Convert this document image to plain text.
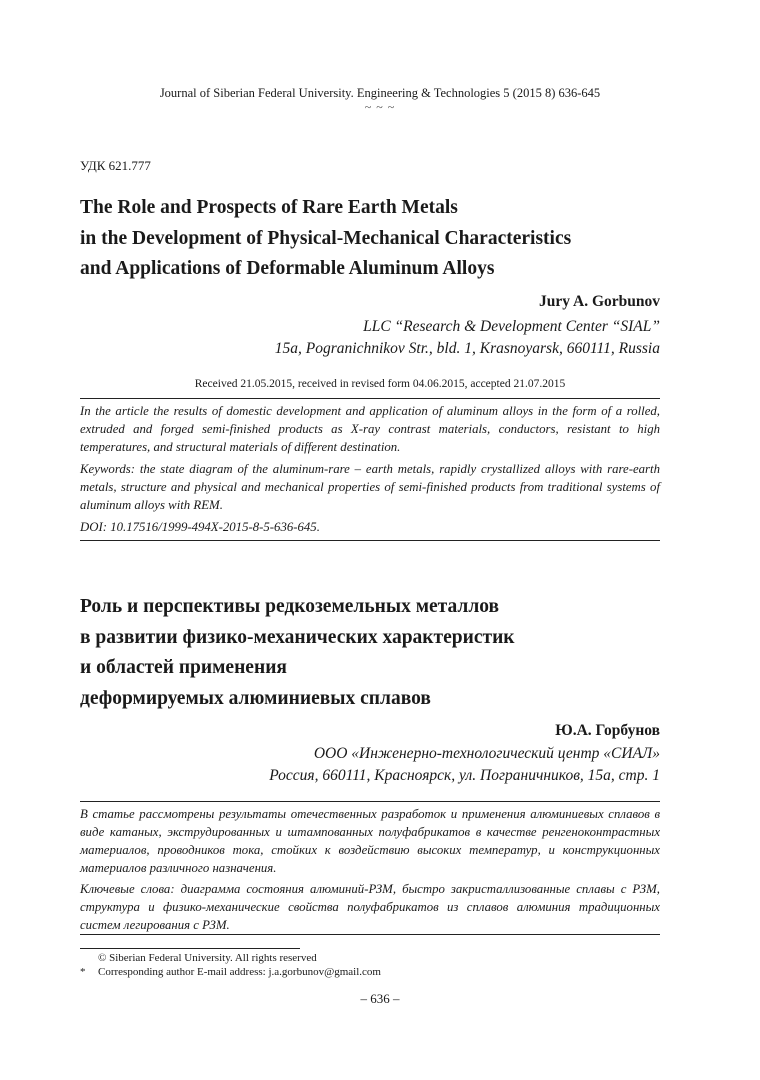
Journal of Siberian Federal University. Engineering & Technologies 5 (2015 8) 636-645
~ ~ ~
УДК 621.777
The Role and Prospects of Rare Earth Metals
in the Development of Physical-Mechanical Characteristics
and Applications of Deformable Aluminum Alloys
Jury A. Gorbunov
LLC “Research & Development Center “SIAL”
15a, Pogranichnikov Str., bld. 1, Krasnoyarsk, 660111, Russia
Received 21.05.2015, received in revised form 04.06.2015, accepted 21.07.2015
In the article the results of domestic development and application of aluminum alloys in the form of a rolled, extruded and forged semi-finished products as X-ray contrast materials, conductors, resistant to high temperatures, and structural materials of different destination.
Keywords: the state diagram of the aluminum-rare – earth metals, rapidly crystallized alloys with rare-earth metals, structure and physical and mechanical properties of semi-finished products from traditional systems of aluminum alloys with REM.
DOI: 10.17516/1999-494X-2015-8-5-636-645.
Роль и перспективы редкоземельных металлов
в развитии физико-механических характеристик
и областей применения
деформируемых алюминиевых сплавов
Ю.А. Горбунов
ООО «Инженерно-технологический центр «СИАЛ»
Россия, 660111, Красноярск, ул. Пограничников, 15а, стр. 1
В статье рассмотрены результаты отечественных разработок и применения алюминиевых сплавов в виде катаных, экструдированных и штампованных полуфабрикатов в качестве ренгеноконтрастных материалов, проводников тока, стойких к воздействию высоких температур, и конструкционных материалов различного назначения.
Ключевые слова: диаграмма состояния алюминий-РЗМ, быстро закристаллизованные сплавы с РЗМ, структура и физико-механические свойства полуфабрикатов из сплавов алюминия традиционных систем легирования с РЗМ.
© Siberian Federal University. All rights reserved
* Corresponding author E-mail address: j.a.gorbunov@gmail.com
– 636 –
